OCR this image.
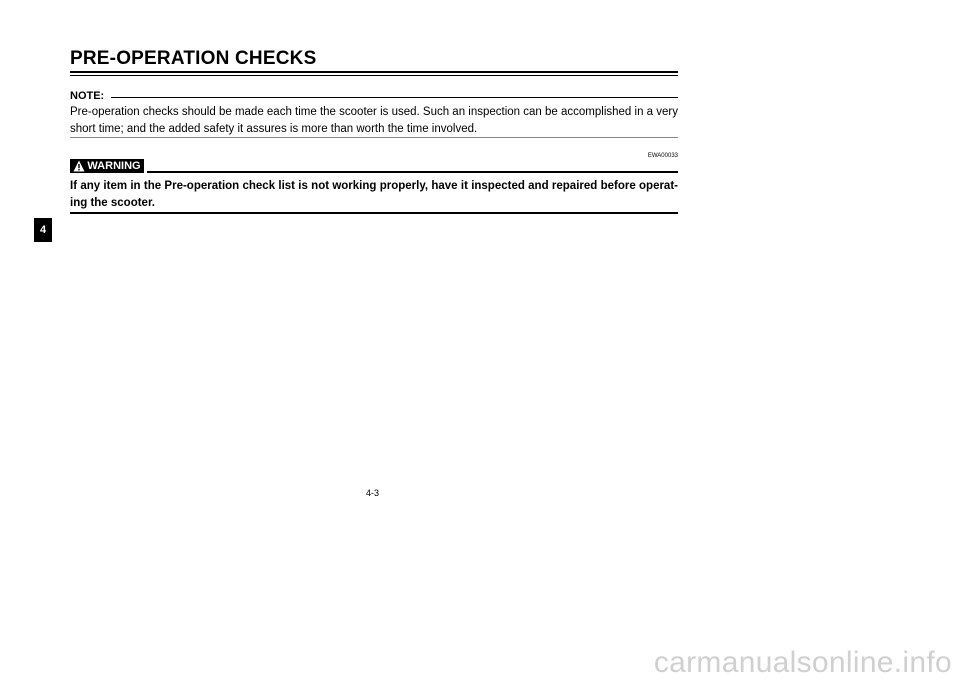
PRE-OPERATION CHECKS
NOTE:
Pre-operation checks should be made each time the scooter is used. Such an inspection can be accomplished in a very short time; and the added safety it assures is more than worth the time involved.
EWA00033
WARNING
If any item in the Pre-operation check list is not working properly, have it inspected and repaired before operat-ing the scooter.
4
4-3
carmanualsonline.info
